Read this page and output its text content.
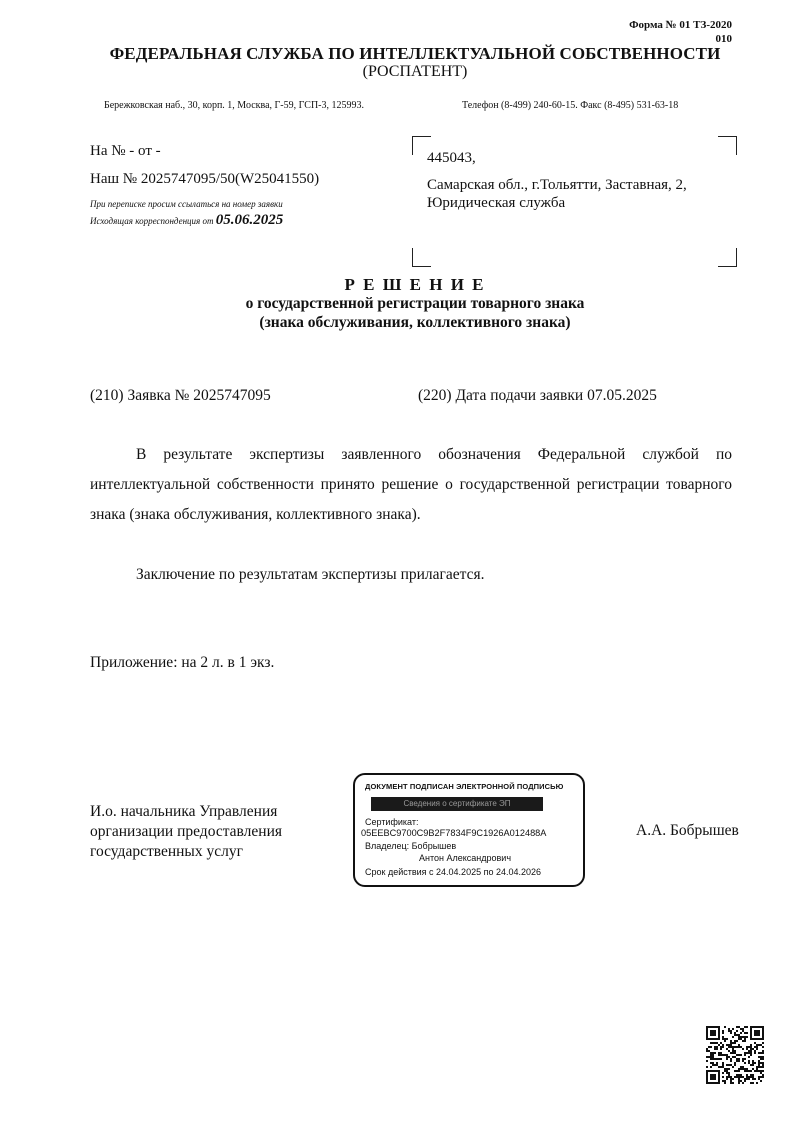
Форма № 01 ТЗ-2020
010
ФЕДЕРАЛЬНАЯ СЛУЖБА ПО ИНТЕЛЛЕКТУАЛЬНОЙ СОБСТВЕННОСТИ
(РОСПАТЕНТ)
Бережковская наб., 30, корп. 1, Москва, Г-59, ГСП-3, 125993.	Телефон (8-499) 240-60-15. Факс (8-495) 531-63-18
На № - от -
Наш № 2025747095/50(W25041550)
При переписке просим ссылаться на номер заявки
Исходящая корреспонденция от 05.06.2025
445043,
Самарская обл., г.Тольятти, Заставная, 2,
Юридическая служба
Р Е Ш Е Н И Е
о государственной регистрации товарного знака
(знака обслуживания, коллективного знака)
(210) Заявка № 2025747095	(220) Дата подачи заявки 07.05.2025
В результате экспертизы заявленного обозначения Федеральной службой по интеллектуальной собственности принято решение о государственной регистрации товарного знака (знака обслуживания, коллективного знака).
Заключение по результатам экспертизы прилагается.
Приложение: на 2 л. в 1 экз.
И.о. начальника Управления
организации предоставления
государственных услуг
ДОКУМЕНТ ПОДПИСАН ЭЛЕКТРОННОЙ ПОДПИСЬЮ
Сведения о сертификате ЭП
Сертификат:
05EEBC9700C9B2F7834F9C1926A012488A
Владелец: Бобрышев
Антон Александрович
Срок действия с 24.04.2025 по 24.04.2026
А.А. Бобрышев
